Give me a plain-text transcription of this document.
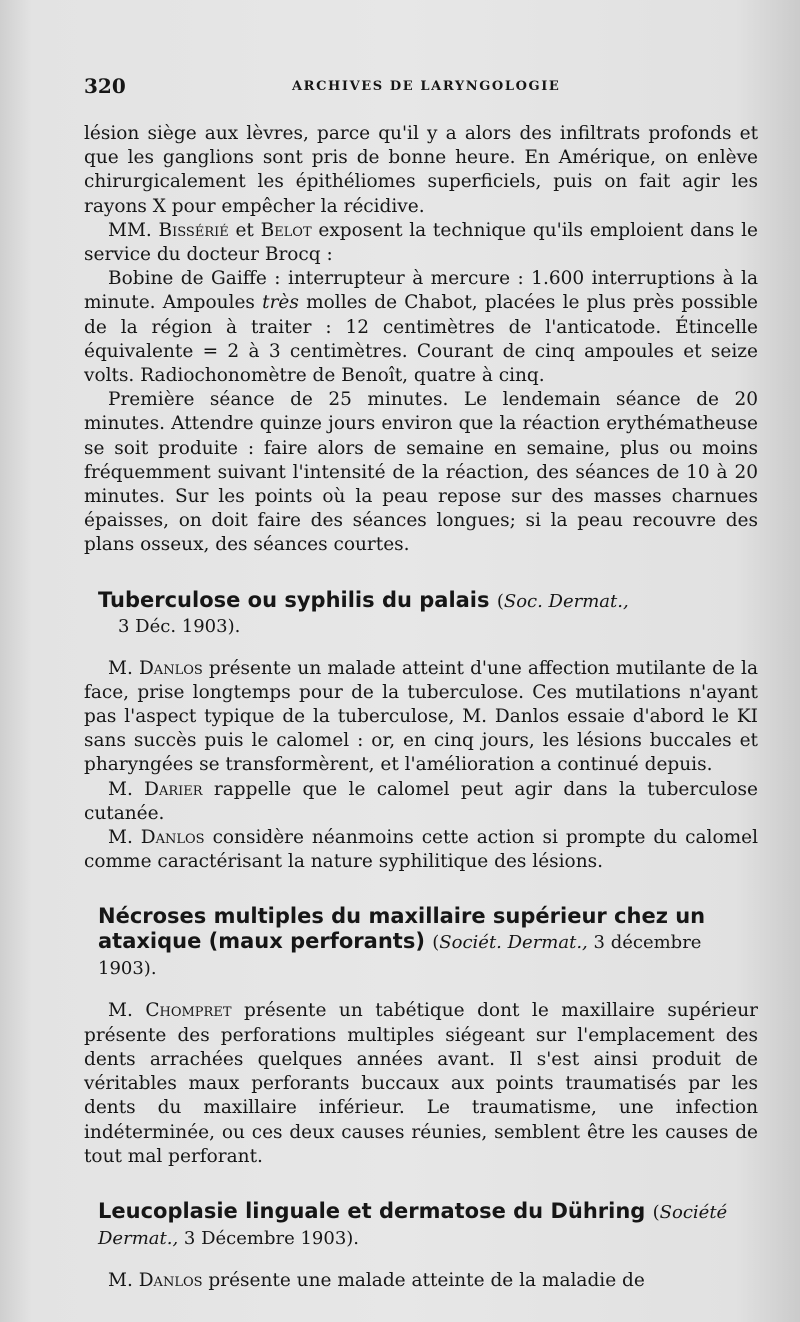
320	ARCHIVES DE LARYNGOLOGIE

lésion siège aux lèvres, parce qu'il y a alors des infiltrats profonds et que les ganglions sont pris de bonne heure. En Amérique, on enlève chirurgicalement les épithéliomes superficiels, puis on fait agir les rayons X pour empêcher la récidive.

MM. Bissérié et Belot exposent la technique qu'ils emploient dans le service du docteur Brocq :

Bobine de Gaiffe : interrupteur à mercure : 1.600 interruptions à la minute. Ampoules très molles de Chabot, placées le plus près possible de la région à traiter : 12 centimètres de l'anticatode. Étincelle équivalente = 2 à 3 centimètres. Courant de cinq ampoules et seize volts. Radiochonomètre de Benoît, quatre à cinq.

Première séance de 25 minutes. Le lendemain séance de 20 minutes. Attendre quinze jours environ que la réaction erythématheuse se soit produite : faire alors de semaine en semaine, plus ou moins fréquemment suivant l'intensité de la réaction, des séances de 10 à 20 minutes. Sur les points où la peau repose sur des masses charnues épaisses, on doit faire des séances longues; si la peau recouvre des plans osseux, des séances courtes.

Tuberculose ou syphilis du palais (Soc. Dermat.,
3 Déc. 1903).

M. Danlos présente un malade atteint d'une affection mutilante de la face, prise longtemps pour de la tuberculose. Ces mutilations n'ayant pas l'aspect typique de la tuberculose, M. Danlos essaie d'abord le KI sans succès puis le calomel : or, en cinq jours, les lésions buccales et pharyngées se transformèrent, et l'amélioration a continué depuis.

M. Darier rappelle que le calomel peut agir dans la tuberculose cutanée.

M. Danlos considère néanmoins cette action si prompte du calomel comme caractérisant la nature syphilitique des lésions.

Nécroses multiples du maxillaire supérieur chez un ataxique (maux perforants) (Sociét. Dermat., 3 décembre 1903).

M. Chompret présente un tabétique dont le maxillaire supérieur présente des perforations multiples siégeant sur l'emplacement des dents arrachées quelques années avant. Il s'est ainsi produit de véritables maux perforants buccaux aux points traumatisés par les dents du maxillaire inférieur. Le traumatisme, une infection indéterminée, ou ces deux causes réunies, semblent être les causes de tout mal perforant.

Leucoplasie linguale et dermatose du Dühring (Société Dermat., 3 Décembre 1903).

M. Danlos présente une malade atteinte de la maladie de
